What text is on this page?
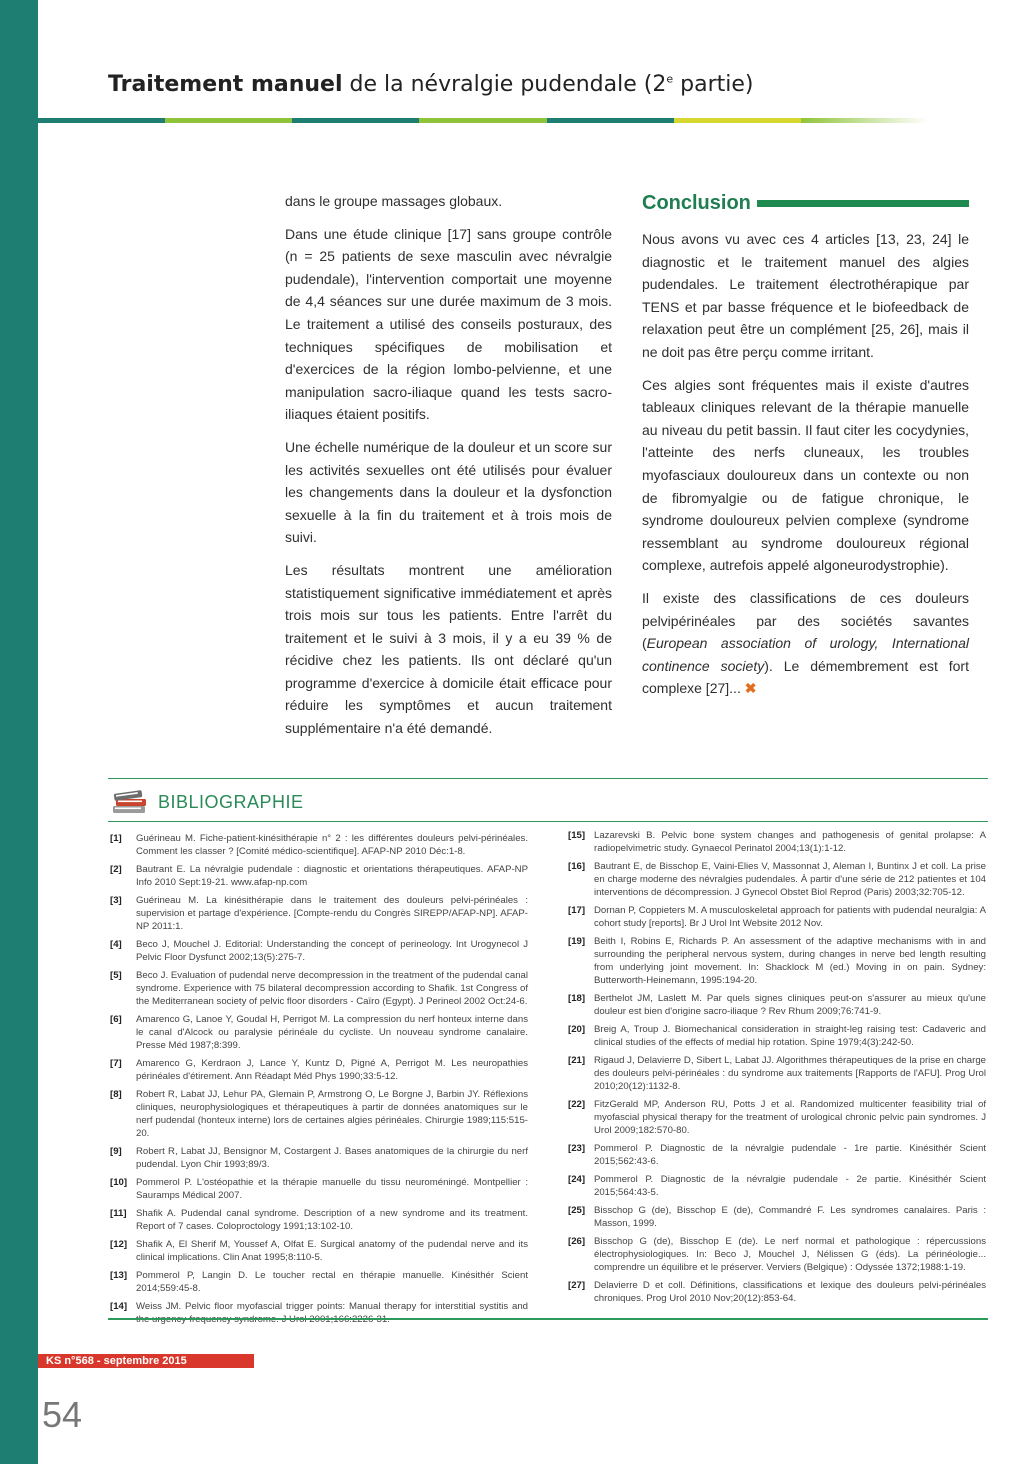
Traitement manuel de la névralgie pudendale (2e partie)

dans le groupe massages globaux.

Dans une étude clinique [17] sans groupe contrôle (n = 25 patients de sexe masculin avec névralgie pudendale), l'intervention comportait une moyenne de 4,4 séances sur une durée maximum de 3 mois. Le traitement a utilisé des conseils posturaux, des techniques spécifiques de mobilisation et d'exercices de la région lombo-pelvienne, et une manipulation sacro-iliaque quand les tests sacro-iliaques étaient positifs.

Une échelle numérique de la douleur et un score sur les activités sexuelles ont été utilisés pour évaluer les changements dans la douleur et la dysfonction sexuelle à la fin du traitement et à trois mois de suivi.

Les résultats montrent une amélioration statistiquement significative immédiatement et après trois mois sur tous les patients. Entre l'arrêt du traitement et le suivi à 3 mois, il y a eu 39 % de récidive chez les patients. Ils ont déclaré qu'un programme d'exercice à domicile était efficace pour réduire les symptômes et aucun traitement supplémentaire n'a été demandé.

Conclusion

Nous avons vu avec ces 4 articles [13, 23, 24] le diagnostic et le traitement manuel des algies pudendales. Le traitement électrothérapique par TENS et par basse fréquence et le biofeedback de relaxation peut être un complément [25, 26], mais il ne doit pas être perçu comme irritant.

Ces algies sont fréquentes mais il existe d'autres tableaux cliniques relevant de la thérapie manuelle au niveau du petit bassin. Il faut citer les cocydynies, l'atteinte des nerfs cluneaux, les troubles myofasciaux douloureux dans un contexte ou non de fibromyalgie ou de fatigue chronique, le syndrome douloureux pelvien complexe (syndrome ressemblant au syndrome douloureux régional complexe, autrefois appelé algoneurodystrophie).

Il existe des classifications de ces douleurs pelvipérinéales par des sociétés savantes (European association of urology, International continence society). Le démembrement est fort complexe [27]... ✖

BIBLIOGRAPHIE
[1]	Guérineau M. Fiche-patient-kinésithérapie n° 2 : les différentes douleurs pelvi-périnéales. Comment les classer ? [Comité médico-scientifique]. AFAP-NP 2010 Déc:1-8.
[2]	Bautrant E. La névralgie pudendale : diagnostic et orientations thérapeutiques. AFAP-NP Info 2010 Sept:19-21. www.afap-np.com
[3]	Guérineau M. La kinésithérapie dans le traitement des douleurs pelvi-périnéales : supervision et partage d'expérience. [Compte-rendu du Congrès SIREPP/AFAP-NP]. AFAP-NP 2011:1.
[4]	Beco J, Mouchel J. Editorial: Understanding the concept of perineology. Int Urogynecol J Pelvic Floor Dysfunct 2002;13(5):275-7.
[5]	Beco J. Evaluation of pudendal nerve decompression in the treatment of the pudendal canal syndrome. Experience with 75 bilateral decompression according to Shafik. 1st Congress of the Mediterranean society of pelvic floor disorders - Caïro (Egypt). J Perineol 2002 Oct:24-6.
[6]	Amarenco G, Lanoe Y, Goudal H, Perrigot M. La compression du nerf honteux interne dans le canal d'Alcock ou paralysie périnéale du cycliste. Un nouveau syndrome canalaire. Presse Méd 1987;8:399.
[7]	Amarenco G, Kerdraon J, Lance Y, Kuntz D, Pigné A, Perrigot M. Les neuropathies périnéales d'étirement. Ann Réadapt Méd Phys 1990;33:5-12.
[8]	Robert R, Labat JJ, Lehur PA, Glemain P, Armstrong O, Le Borgne J, Barbin JY. Réflexions cliniques, neurophysiologiques et thérapeutiques à partir de données anatomiques sur le nerf pudendal (honteux interne) lors de certaines algies périnéales. Chirurgie 1989;115:515-20.
[9]	Robert R, Labat JJ, Bensignor M, Costargent J. Bases anatomiques de la chirurgie du nerf pudendal. Lyon Chir 1993;89/3.
[10] Pommerol P. L'ostéopathie et la thérapie manuelle du tissu neuroméningé. Montpellier : Sauramps Médical 2007.
[11] Shafik A. Pudendal canal syndrome. Description of a new syndrome and its treatment. Report of 7 cases. Coloproctology 1991;13:102-10.
[12] Shafik A, El Sherif M, Youssef A, Olfat E. Surgical anatomy of the pudendal nerve and its clinical implications. Clin Anat 1995;8:110-5.
[13] Pommerol P, Langin D. Le toucher rectal en thérapie manuelle. Kinésithér Scient 2014;559:45-8.
[14] Weiss JM. Pelvic floor myofascial trigger points: Manual therapy for interstitial systitis and
[15] Lazarevski B. Pelvic bone system changes and pathogenesis of genital prolapse: A radiopelvimetric study. Gynaecol Perinatol 2004;13(1):1-12.
[16] Bautrant E, de Bisschop E, Vaini-Elies V, Massonnat J, Aleman I, Buntinx J et coll. La prise en charge moderne des névralgies pudendales. À partir d'une série de 212 patientes et 104 interventions de décompression. J Gynecol Obstet Biol Reprod (Paris) 2003;32:705-12.
[17] Dornan P, Coppieters M. A musculoskeletal approach for patients with pudendal neuralgia: A cohort study [reports]. Br J Urol Int Website 2012 Nov.
[19] Beith I, Robins E, Richards P. An assessment of the adaptive mechanisms with in and surrounding the peripheral nervous system, during changes in nerve bed length resulting from underlying joint movement. In: Shacklock M (ed.) Moving in on pain. Sydney: Butterworth-Heinemann, 1995:194-20.
[18] Berthelot JM, Laslett M. Par quels signes cliniques peut-on s'assurer au mieux qu'une douleur est bien d'origine sacro-iliaque ? Rev Rhum 2009;76:741-9.
[20] Breig A, Troup J. Biomechanical consideration in straight-leg raising test: Cadaveric and clinical studies of the effects of medial hip rotation. Spine 1979;4(3):242-50.
[21] Rigaud J, Delavierre D, Sibert L, Labat JJ. Algorithmes thérapeutiques de la prise en charge des douleurs pelvi-périnéales : du syndrome aux traitements [Rapports de l'AFU]. Prog Urol 2010;20(12):1132-8.
[22] FitzGerald MP, Anderson RU, Potts J et al. Randomized multicenter feasibility trial of myofascial physical therapy for the treatment of urological chronic pelvic pain syndromes. J Urol 2009;182:570-80.
[23] Pommerol P. Diagnostic de la névralgie pudendale - 1re partie. Kinésithér Scient 2015;562:43-6.
[24] Pommerol P. Diagnostic de la névralgie pudendale - 2e partie. Kinésithér Scient 2015;564:43-5.
[25] Bisschop G (de), Bisschop E (de), Commandré F. Les syndromes canalaires. Paris : Masson, 1999.
[26] Bisschop G (de), Bisschop E (de). Le nerf normal et pathologique : répercussions électrophysiologiques. In: Beco J, Mouchel J, Nélissen G (éds). La périnéologie... comprendre un équilibre et le préserver. Verviers (Belgique) : Odyssée 1372;1988:1-19.
[27] Delavierre D et coll. Définitions, classifications et lexique des douleurs pelvi-périnéales chroniques. Prog Urol 2010 Nov;20(12):853-64.
KS n°568 - septembre 2015
54
